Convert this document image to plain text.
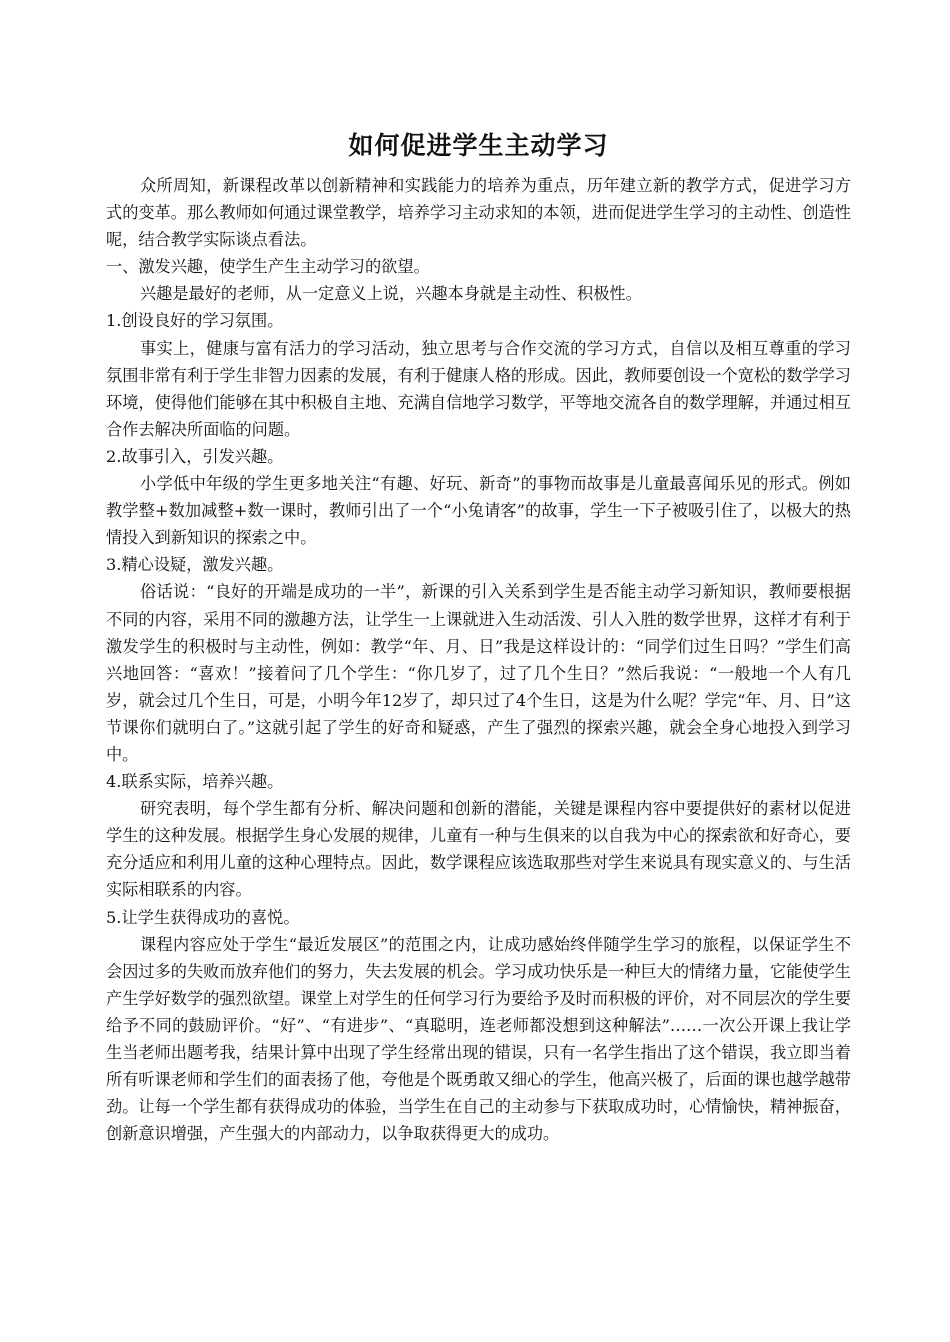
如何促进学生主动学习

众所周知，新课程改革以创新精神和实践能力的培养为重点，历年建立新的教学方式，促进学习方式的变革。那么教师如何通过课堂教学，培养学习主动求知的本领，进而促进学生学习的主动性、创造性呢，结合教学实际谈点看法。

一、激发兴趣，使学生产生主动学习的欲望。

兴趣是最好的老师，从一定意义上说，兴趣本身就是主动性、积极性。

1.创设良好的学习氛围。

事实上，健康与富有活力的学习活动，独立思考与合作交流的学习方式，自信以及相互尊重的学习氛围非常有利于学生非智力因素的发展，有利于健康人格的形成。因此，教师要创设一个宽松的数学学习环境，使得他们能够在其中积极自主地、充满自信地学习数学，平等地交流各自的数学理解，并通过相互合作去解决所面临的问题。

2.故事引入，引发兴趣。

小学低中年级的学生更多地关注“有趣、好玩、新奇”的事物而故事是儿童最喜闻乐见的形式。例如教学整+数加减整+数一课时，教师引出了一个“小兔请客”的故事，学生一下子被吸引住了，以极大的热情投入到新知识的探索之中。

3.精心设疑，激发兴趣。

俗话说：“良好的开端是成功的一半”，新课的引入关系到学生是否能主动学习新知识，教师要根据不同的内容，采用不同的激趣方法，让学生一上课就进入生动活泼、引人入胜的数学世界，这样才有利于激发学生的积极时与主动性，例如：教学“年、月、日”我是这样设计的：“同学们过生日吗？”学生们高兴地回答：“喜欢！”接着问了几个学生：“你几岁了，过了几个生日？”然后我说：“一般地一个人有几岁，就会过几个生日，可是，小明今年12岁了，却只过了4个生日，这是为什么呢？学完“年、月、日”这节课你们就明白了。”这就引起了学生的好奇和疑惑，产生了强烈的探索兴趣，就会全身心地投入到学习中。

4.联系实际，培养兴趣。

研究表明，每个学生都有分析、解决问题和创新的潜能，关键是课程内容中要提供好的素材以促进学生的这种发展。根据学生身心发展的规律，儿童有一种与生俱来的以自我为中心的探索欲和好奇心，要充分适应和利用儿童的这种心理特点。因此，数学课程应该选取那些对学生来说具有现实意义的、与生活实际相联系的内容。

5.让学生获得成功的喜悦。

课程内容应处于学生“最近发展区”的范围之内，让成功感始终伴随学生学习的旅程，以保证学生不会因过多的失败而放弃他们的努力，失去发展的机会。学习成功快乐是一种巨大的情绪力量，它能使学生产生学好数学的强烈欲望。课堂上对学生的任何学习行为要给予及时而积极的评价，对不同层次的学生要给予不同的鼓励评价。“好”、“有进步”、“真聪明，连老师都没想到这种解法”……一次公开课上我让学生当老师出题考我，结果计算中出现了学生经常出现的错误，只有一名学生指出了这个错误，我立即当着所有听课老师和学生们的面表扬了他，夸他是个既勇敢又细心的学生，他高兴极了，后面的课也越学越带劲。让每一个学生都有获得成功的体验，当学生在自己的主动参与下获取成功时，心情愉快，精神振奋，创新意识增强，产生强大的内部动力，以争取获得更大的成功。
